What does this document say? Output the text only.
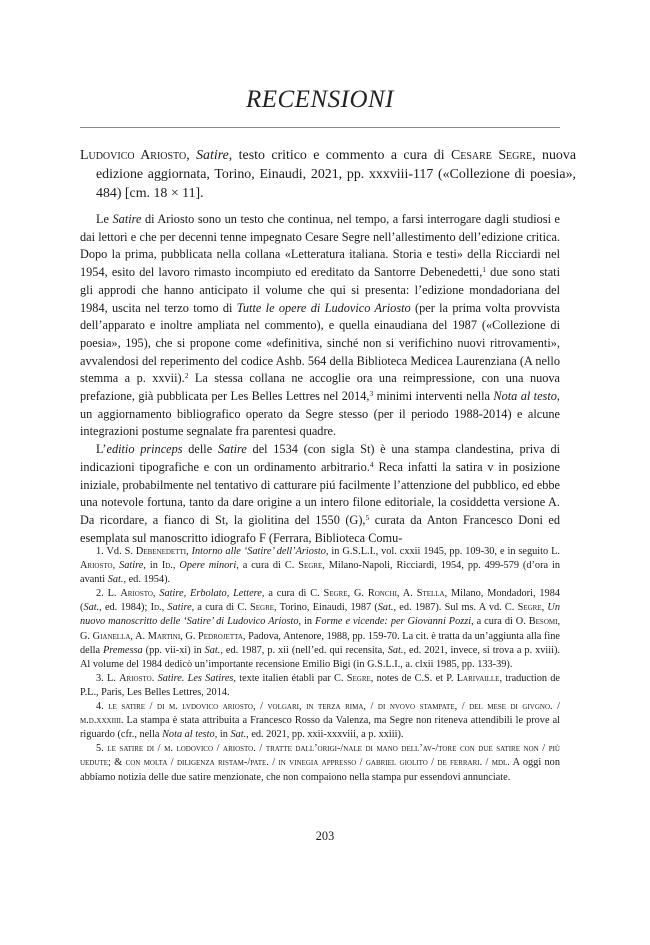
RECENSIONI
Ludovico Ariosto, Satire, testo critico e commento a cura di Cesare Segre, nuova edizione aggiornata, Torino, Einaudi, 2021, pp. xxxviii-117 («Collezione di poesia», 484) [cm. 18 × 11].

Le Satire di Ariosto sono un testo che continua, nel tempo, a farsi interrogare dagli studiosi e dai lettori e che per decenni tenne impegnato Cesare Segre nell’allestimento dell’edizione critica. Dopo la prima, pubblicata nella collana «Letteratura italiana. Storia e testi» della Ricciardi nel 1954, esito del lavoro rimasto incompiuto ed ereditato da Santorre Debenedetti,$^1$ due sono stati gli approdi che hanno anticipato il volume che qui si presenta: l’edizione mondadoriana del 1984, uscita nel terzo tomo di Tutte le opere di Ludovico Ariosto (per la prima volta provvista dell’apparato e inoltre ampliata nel commento), e quella einaudiana del 1987 («Collezione di poesia», 195), che si propone come «definitiva, sinché non si verifichino nuovi ritrovamenti», avvalendosi del reperimento del codice Ashb. 564 della Biblioteca Medicea Laurenziana (A nello stemma a p. xxvii).$^2$ La stessa collana ne accoglie ora una reimpressione, con una nuova prefazione, già pubblicata per Les Belles Lettres nel 2014,$^3$ minimi interventi nella Nota al testo, un aggiornamento bibliografico operato da Segre stesso (per il periodo 1988-2014) e alcune integrazioni postume segnalate fra parentesi quadre.

L’editio princeps delle Satire del 1534 (con sigla St) è una stampa clandestina, priva di indicazioni tipografiche e con un ordinamento arbitrario.$^4$ Reca infatti la satira v in posizione iniziale, probabilmente nel tentativo di catturare piú facilmente l’attenzione del pubblico, ed ebbe una notevole fortuna, tanto da dare origine a un intero filone editoriale, la cosiddetta versione A. Da ricordare, a fianco di St, la giolitina del 1550 (G),$^5$ curata da Anton Francesco Doni ed esemplata sul manoscritto idiografo F (Ferrara, Biblioteca Comu-

1. Vd. S. Debenedetti, Intorno alle ‘Satire’ dell’Ariosto, in G.S.L.I., vol. cxxii 1945, pp. 109-30, e in seguito L. Ariosto, Satire, in Id., Opere minori, a cura di C. Segre, Milano-Napoli, Ricciardi, 1954, pp. 499-579 (d’ora in avanti Sat., ed. 1954).

2. L. Ariosto, Satire, Erbolato, Lettere, a cura di C. Segre, G. Ronchi, A. Stella, Milano, Mondadori, 1984 (Sat., ed. 1984); Id., Satire, a cura di C. Segre, Torino, Einaudi, 1987 (Sat., ed. 1987). Sul ms. A vd. C. Segre, Un nuovo manoscritto delle ‘Satire’ di Ludovico Ariosto, in Forme e vicende: per Giovanni Pozzi, a cura di O. Besomi, G. Gianella, A. Martini, G. Pedrojetta, Padova, Antenore, 1988, pp. 159-70. La cit. è tratta da un’aggiunta alla fine della Premessa (pp. vii-xi) in Sat., ed. 1987, p. xii (nell’ed. qui recensita, Sat., ed. 2021, invece, si trova a p. xviii). Al volume del 1984 dedicò un’importante recensione Emilio Bigi (in G.S.L.I., a. clxii 1985, pp. 133-39).

3. L. Ariosto. Satire. Les Satires, texte italien établi par C. Segre, notes de C.S. et P. Larivaille, traduction de P.L., Paris, Les Belles Lettres, 2014.

4. le satire / di m. lvdovico ariosto, / volgari, in terza rima, / di nvovo stampate, / del mese di givgno. / m.d.xxxiiii. La stampa è stata attribuita a Francesco Rosso da Valenza, ma Segre non riteneva attendibili le prove al riguardo (cfr., nella Nota al testo, in Sat., ed. 2021, pp. xxii-xxxviii, a p. xxiii).

5. le satire di / m. lodovico / ariosto. / tratte dall’origi-/nale di mano dell’av-/tore con due satire non / più uedute; & con molta / diligenza ristam-/pate. / in vinegia appresso / gabriel giolito / de ferrari. / mdl. A oggi non abbiamo notizia delle due satire menzionate, che non compaiono nella stampa pur essendovi annunciate.

203
